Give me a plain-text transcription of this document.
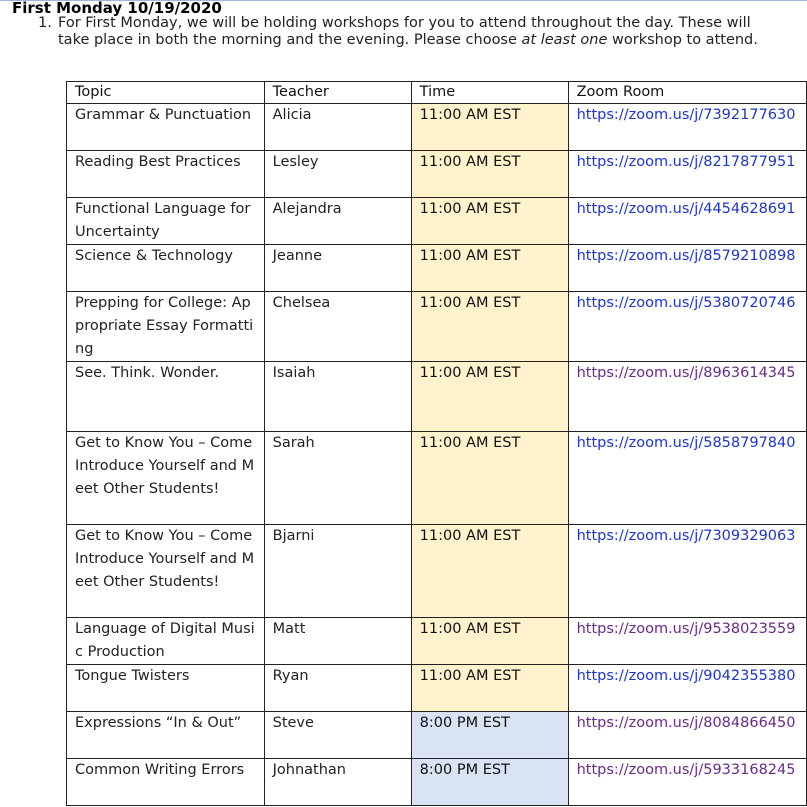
First Monday 10/19/2020
1. For First Monday, we will be holding workshops for you to attend throughout the day. These will
take place in both the morning and the evening. Please choose at least one workshop to attend.
Topic	Teacher	Time	Zoom Room
Grammar & Punctuation	Alicia	11:00 AM EST	https://zoom.us/j/7392177630
Reading Best Practices	Lesley	11:00 AM EST	https://zoom.us/j/8217877951
Functional Language for Uncertainty	Alejandra	11:00 AM EST	https://zoom.us/j/4454628691
Science & Technology	Jeanne	11:00 AM EST	https://zoom.us/j/8579210898
Prepping for College: Appropriate Essay Formatting	Chelsea	11:00 AM EST	https://zoom.us/j/5380720746
See. Think. Wonder.	Isaiah	11:00 AM EST	https://zoom.us/j/8963614345
Get to Know You – Come Introduce Yourself and Meet Other Students!	Sarah	11:00 AM EST	https://zoom.us/j/5858797840
Get to Know You – Come Introduce Yourself and Meet Other Students!	Bjarni	11:00 AM EST	https://zoom.us/j/7309329063
Language of Digital Music Production	Matt	11:00 AM EST	https://zoom.us/j/9538023559
Tongue Twisters	Ryan	11:00 AM EST	https://zoom.us/j/9042355380
Expressions “In & Out”	Steve	8:00 PM EST	https://zoom.us/j/8084866450
Common Writing Errors	Johnathan	8:00 PM EST	https://zoom.us/j/5933168245
